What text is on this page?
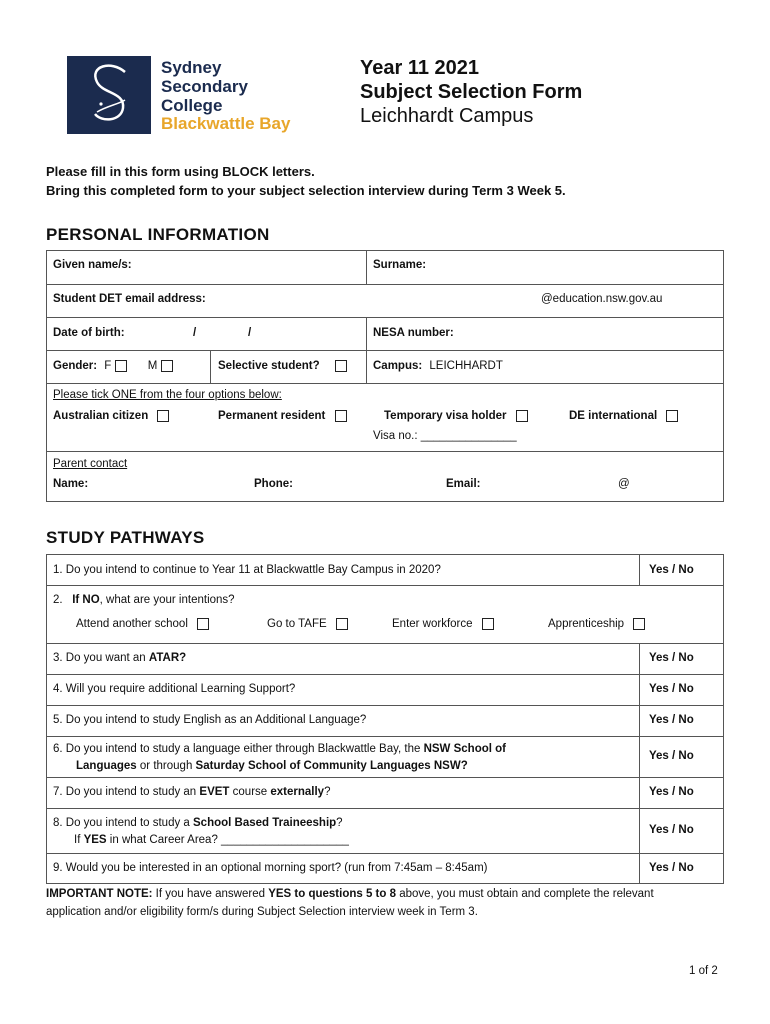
Sydney
Secondary
College
Blackwattle Bay
Year 11 2021
Subject Selection Form
Leichhardt Campus
Please fill in this form using BLOCK letters.
Bring this completed form to your subject selection interview during Term 3 Week 5.
PERSONAL INFORMATION
Given name/s:	Surname:
Student DET email address:	@education.nsw.gov.au
Date of birth:	/	/	NESA number:
Gender: F	M	Selective student?	Campus: LEICHHARDT
Please tick ONE from the four options below:
Australian citizen	Permanent resident	Temporary visa holder	DE international
Visa no.: _______________
Parent contact
Name:	Phone:	Email:	@
STUDY PATHWAYS
1. Do you intend to continue to Year 11 at Blackwattle Bay Campus in 2020?	Yes / No
2. If NO, what are your intentions?
Attend another school	Go to TAFE	Enter workforce	Apprenticeship
3. Do you want an ATAR?	Yes / No
4. Will you require additional Learning Support?	Yes / No
5. Do you intend to study English as an Additional Language?	Yes / No
6. Do you intend to study a language either through Blackwattle Bay, the NSW School of
Languages or through Saturday School of Community Languages NSW?
Yes / No
7. Do you intend to study an EVET course externally?	Yes / No
8. Do you intend to study a School Based Traineeship?
If YES in what Career Area? ____________________
Yes / No
9. Would you be interested in an optional morning sport? (run from 7:45am – 8:45am)	Yes / No
IMPORTANT NOTE: If you have answered YES to questions 5 to 8 above, you must obtain and complete the relevant
application and/or eligibility form/s during Subject Selection interview week in Term 3.
1 of 2
